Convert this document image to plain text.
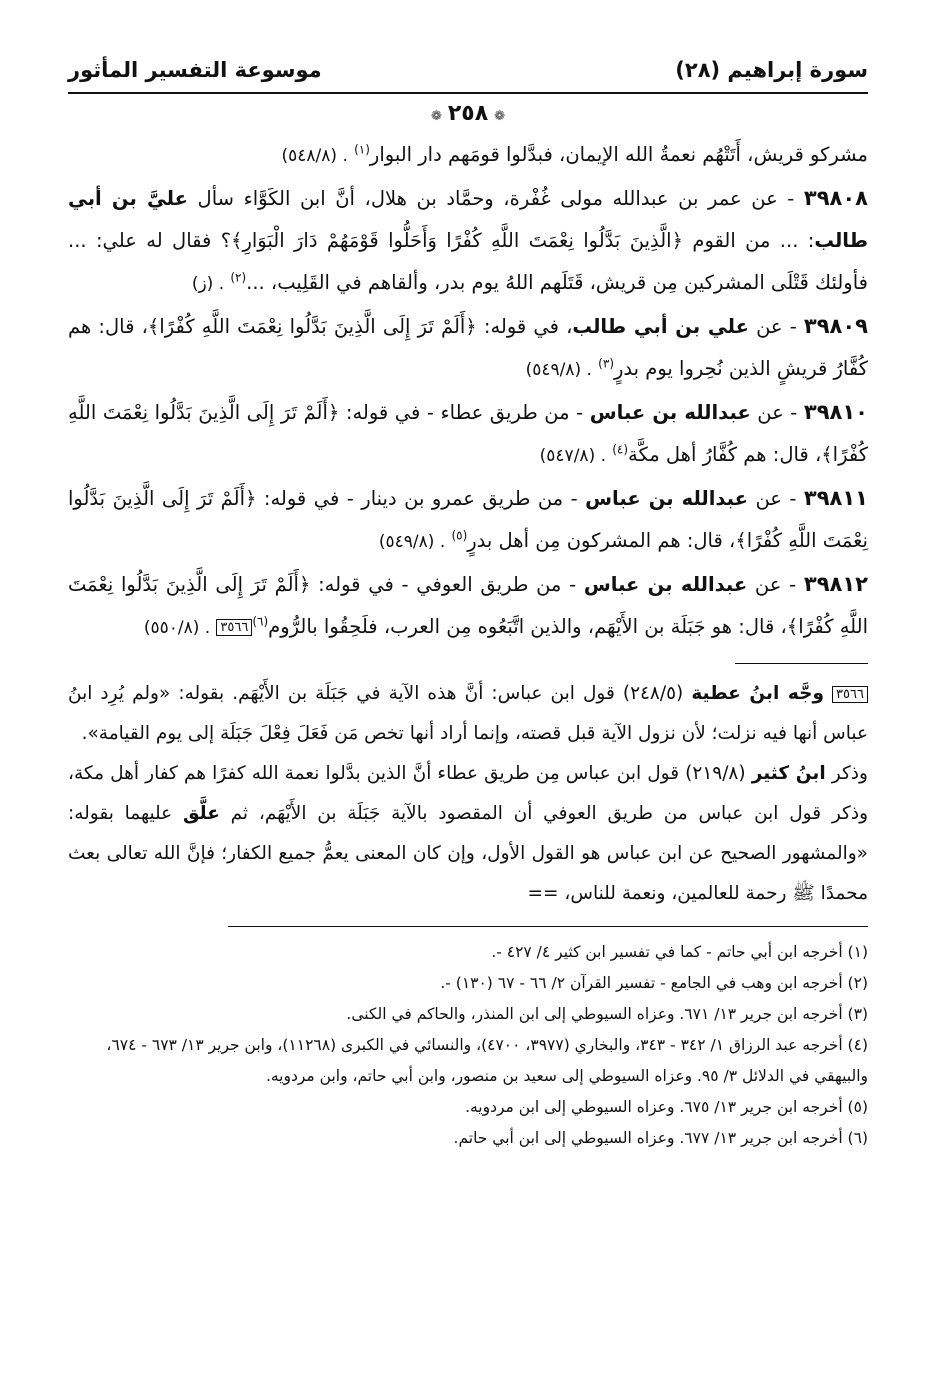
سورة إبراهيم (٢٨)
موسوعة التفسير المأثور
❁٢٥٨❁

مشركو قريش، أَتَتْهُم نعمةُ الله الإيمان، فبدَّلوا قومَهم دار البوار$^{(١)}$ . (٥٤٨/٨)

٣٩٨٠٨ - عن عمر بن عبدالله مولى غُفْرة، وحمَّاد بن هلال، أنَّ ابن الكَوَّاء سأل عليَّ بن أبي طالب: ... من القوم ﴿الَّذِينَ بَدَّلُوا نِعْمَتَ اللَّهِ كُفْرًا وَأَحَلُّوا قَوْمَهُمْ دَارَ الْبَوَارِ﴾؟ فقال له علي: ... فأولئك قَتْلَى المشركين مِن قريش، قَتَلَهم اللهُ يوم بدر، وألقاهم في القَلِيب، ...$^{(٢)}$ . (ز)

٣٩٨٠٩ - عن علي بن أبي طالب، في قوله: ﴿أَلَمْ تَرَ إِلَى الَّذِينَ بَدَّلُوا نِعْمَتَ اللَّهِ كُفْرًا﴾، قال: هم كُفَّارُ قريشٍ الذين نُحِروا يوم بدرٍ$^{(٣)}$ . (٥٤٩/٨)

٣٩٨١٠ - عن عبدالله بن عباس - من طريق عطاء - في قوله: ﴿أَلَمْ تَرَ إِلَى الَّذِينَ بَدَّلُوا نِعْمَتَ اللَّهِ كُفْرًا﴾، قال: هم كُفَّارُ أهل مكَّة$^{(٤)}$ . (٥٤٧/٨)

٣٩٨١١ - عن عبدالله بن عباس - من طريق عمرو بن دينار - في قوله: ﴿أَلَمْ تَرَ إِلَى الَّذِينَ بَدَّلُوا نِعْمَتَ اللَّهِ كُفْرًا﴾، قال: هم المشركون مِن أهل بدرٍ$^{(٥)}$ . (٥٤٩/٨)

٣٩٨١٢ - عن عبدالله بن عباس - من طريق العوفي - في قوله: ﴿أَلَمْ تَرَ إِلَى الَّذِينَ بَدَّلُوا نِعْمَتَ اللَّهِ كُفْرًا﴾، قال: هو جَبَلَة بن الأَيْهَم، والذين اتَّبَعُوه مِن العرب، فلَحِقُوا بالرُّوم$^{(٦)}$٣٥٦٦ . (٥٥٠/٨)

٣٥٦٦ وجَّه ابنُ عطية (٢٤٨/٥) قول ابن عباس: أنَّ هذه الآية في جَبَلَة بن الأَيْهَم. بقوله: «ولم يُرِد ابنُ عباس أنها فيه نزلت؛ لأن نزول الآية قبل قصته، وإنما أراد أنها تخص مَن فَعَلَ فِعْلَ جَبَلَة إلى يوم القيامة».

وذكر ابنُ كثير (٢١٩/٨) قول ابن عباس مِن طريق عطاء أنَّ الذين بدَّلوا نعمة الله كفرًا هم كفار أهل مكة، وذكر قول ابن عباس من طريق العوفي أن المقصود بالآية جَبَلَة بن الأَيْهَم، ثم علَّق عليهما بقوله: «والمشهور الصحيح عن ابن عباس هو القول الأول، وإن كان المعنى يعمُّ جميع الكفار؛ فإنَّ الله تعالى بعث محمدًا ﷺ رحمة للعالمين، ونعمة للناس، ==

(١) أخرجه ابن أبي حاتم - كما في تفسير ابن كثير ٤/ ٤٢٧ -.

(٢) أخرجه ابن وهب في الجامع - تفسير القرآن ٢/ ٦٦ - ٦٧ (١٣٠) -.

(٣) أخرجه ابن جرير ١٣/ ٦٧١. وعزاه السيوطي إلى ابن المنذر، والحاكم في الكنى.

(٤) أخرجه عبد الرزاق ١/ ٣٤٢ - ٣٤٣، والبخاري (٣٩٧٧، ٤٧٠٠)، والنسائي في الكبرى (١١٢٦٨)، وابن جرير ١٣/ ٦٧٣ - ٦٧٤، والبيهقي في الدلائل ٣/ ٩٥. وعزاه السيوطي إلى سعيد بن منصور، وابن أبي حاتم، وابن مردويه.

(٥) أخرجه ابن جرير ١٣/ ٦٧٥. وعزاه السيوطي إلى ابن مردويه.

(٦) أخرجه ابن جرير ١٣/ ٦٧٧. وعزاه السيوطي إلى ابن أبي حاتم.
